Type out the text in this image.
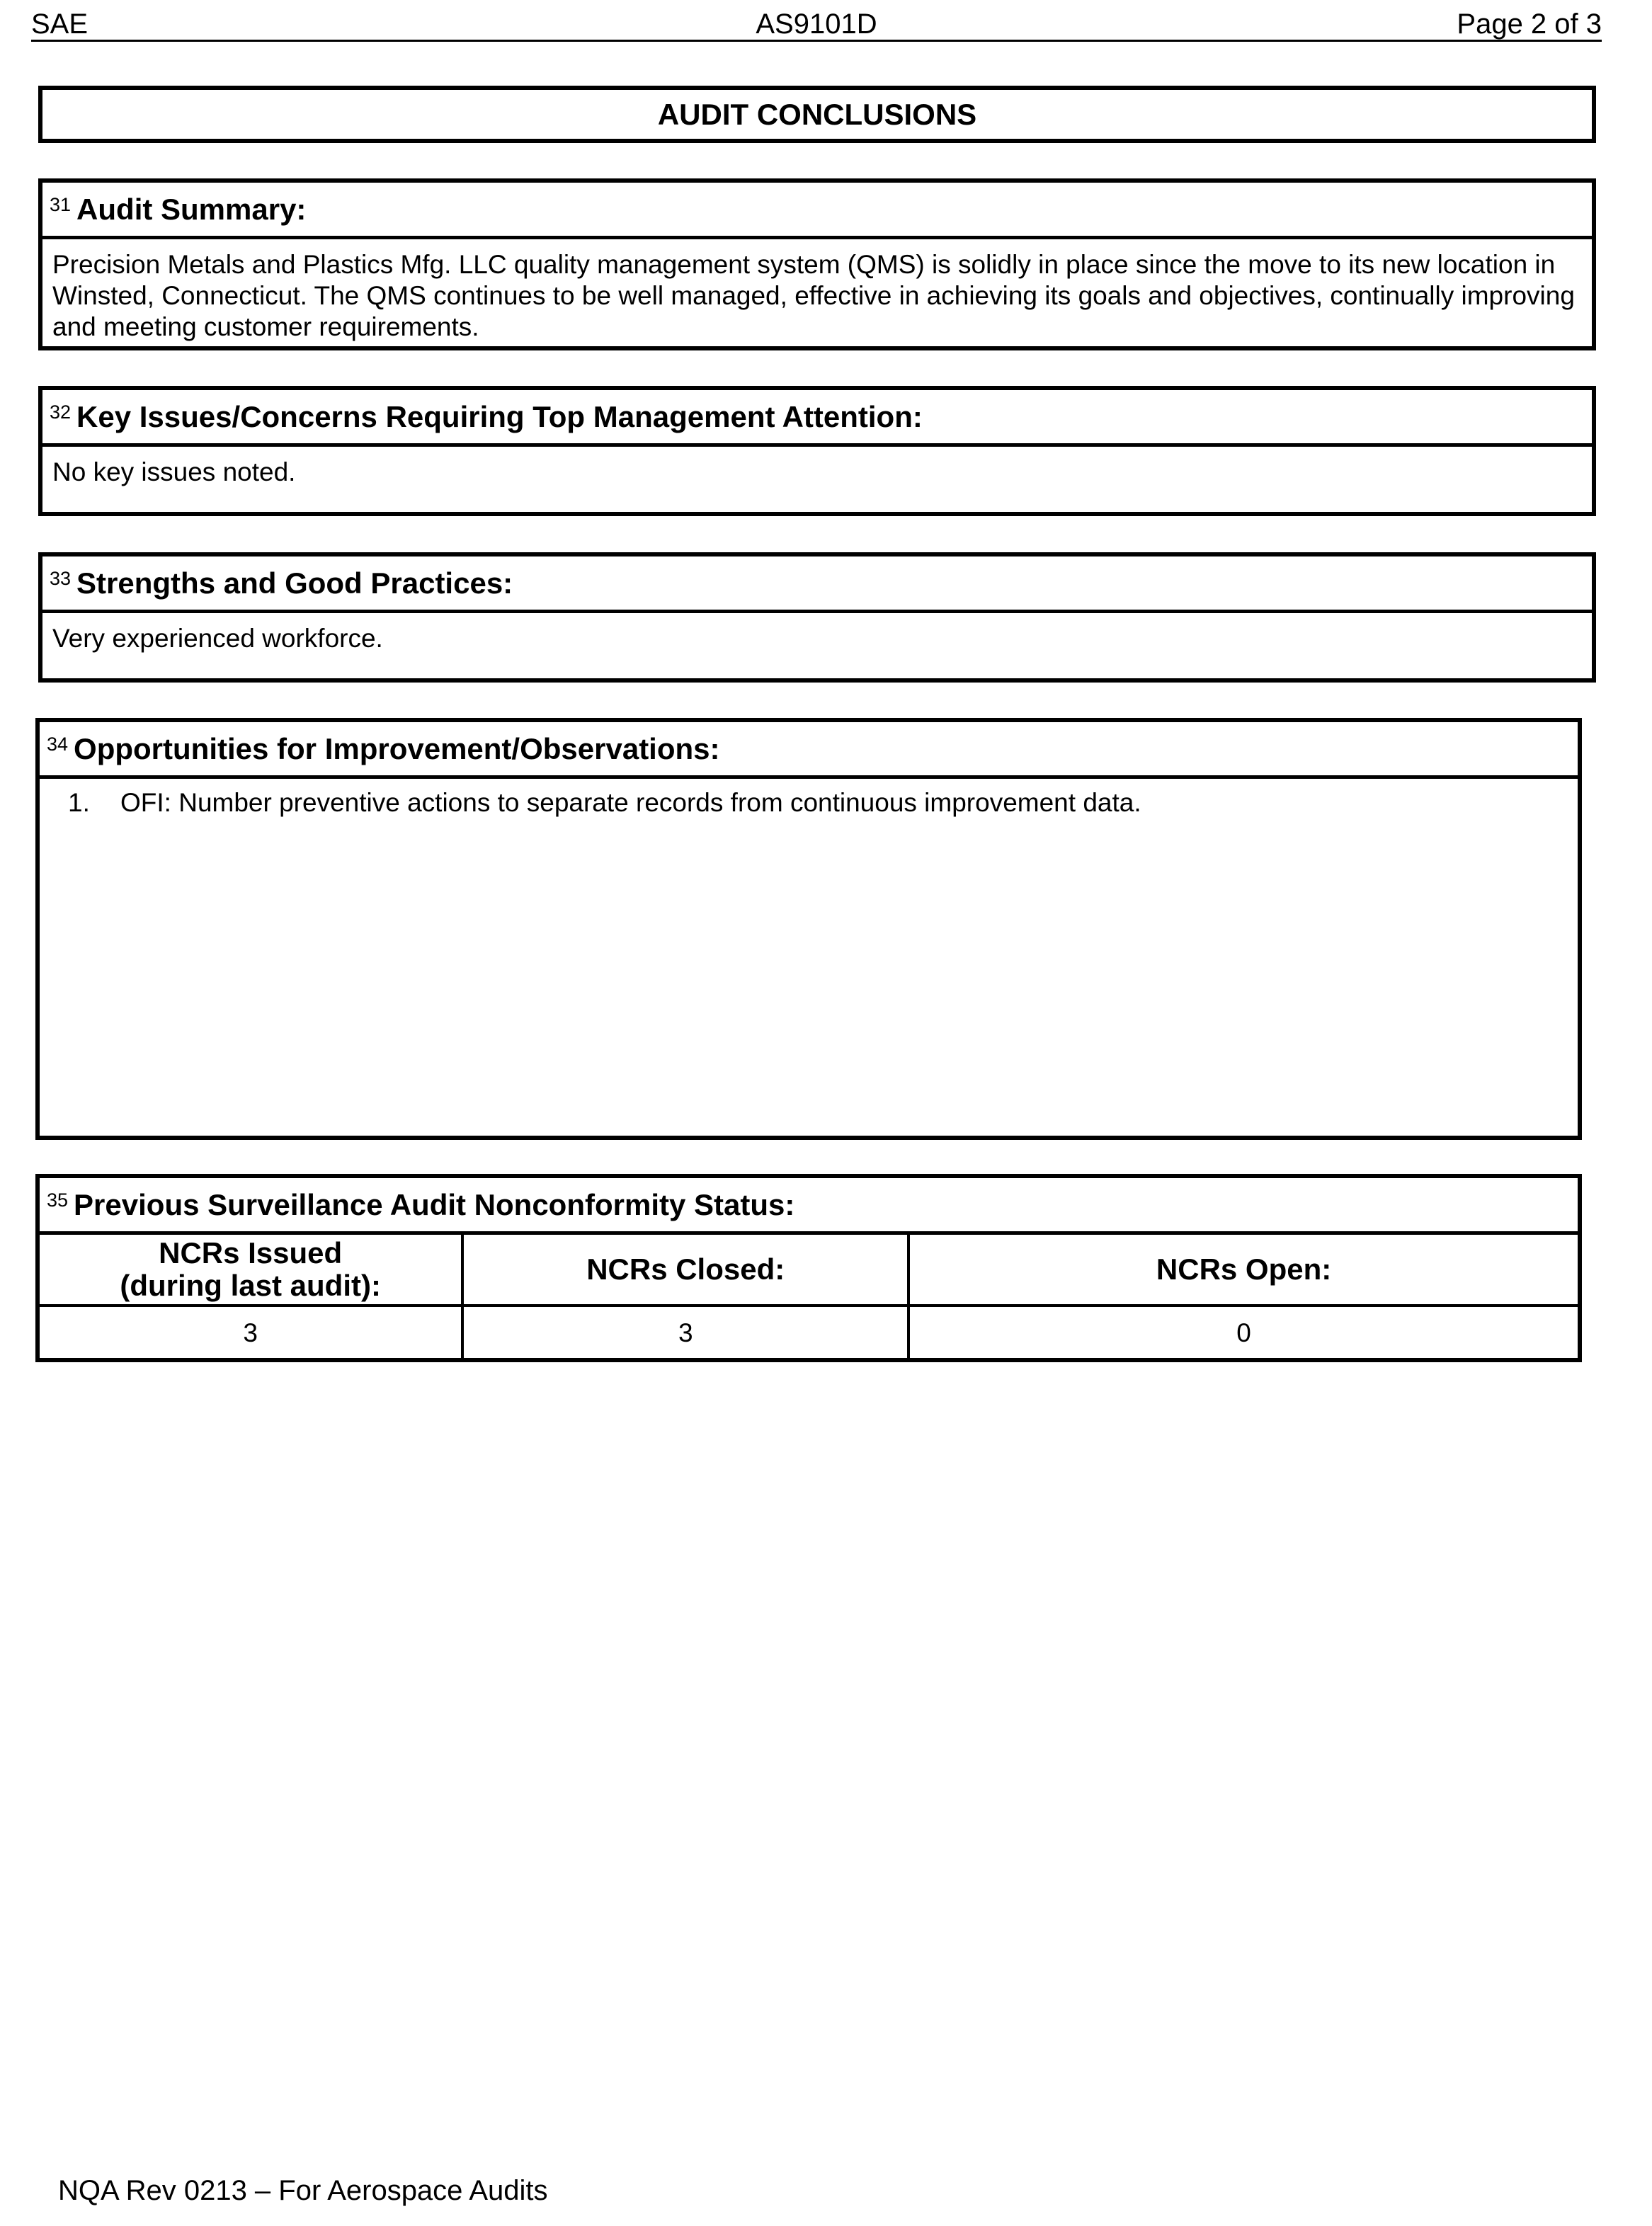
SAE	AS9101D	Page 2 of 3
AUDIT CONCLUSIONS
31 Audit Summary:
Precision Metals and Plastics Mfg. LLC quality management system (QMS) is solidly in place since the move to its new location in Winsted, Connecticut. The QMS continues to be well managed, effective in achieving its goals and objectives, continually improving and meeting customer requirements.
32 Key Issues/Concerns Requiring Top Management Attention:
No key issues noted.
33 Strengths and Good Practices:
Very experienced workforce.
34 Opportunities for Improvement/Observations:
1.	OFI: Number preventive actions to separate records from continuous improvement data.
35 Previous Surveillance Audit Nonconformity Status:
NCRs Issued
(during last audit):	NCRs Closed:	NCRs Open:
3	3	0
NQA Rev 0213 – For Aerospace Audits
